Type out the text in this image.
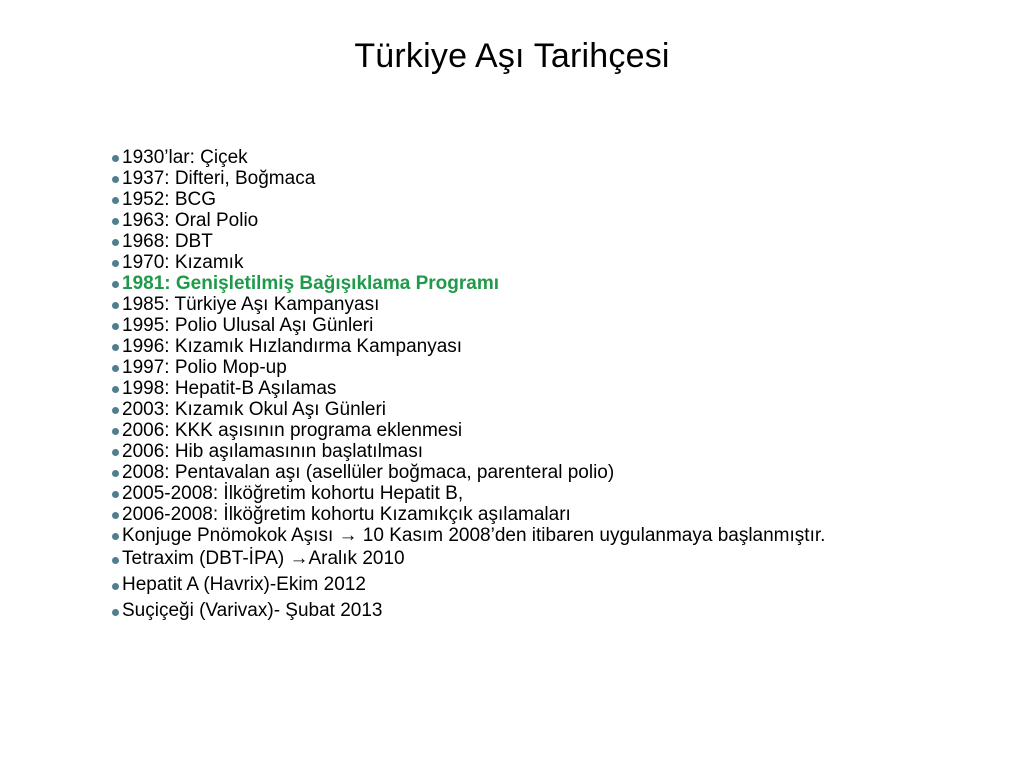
Türkiye Aşı Tarihçesi
1930’lar: Çiçek
1937: Difteri, Boğmaca
1952: BCG
1963: Oral Polio
1968: DBT
1970: Kızamık
1981: Genişletilmiş Bağışıklama Programı
1985: Türkiye Aşı Kampanyası
1995: Polio Ulusal Aşı Günleri
1996: Kızamık Hızlandırma Kampanyası
1997: Polio Mop-up
1998: Hepatit-B Aşılamas
2003: Kızamık Okul Aşı Günleri
2006: KKK aşısının programa eklenmesi
2006: Hib aşılamasının başlatılması
2008: Pentavalan aşı (asellüler boğmaca, parenteral polio)
2005-2008: İlköğretim kohortu Hepatit B,
2006-2008: İlköğretim kohortu Kızamıkçık aşılamaları
Konjuge Pnömokok Aşısı → 10 Kasım 2008’den itibaren uygulanmaya başlanmıştır.
Tetraxim (DBT-İPA) →Aralık 2010
Hepatit A (Havrix)-Ekim 2012
Suçiçeği (Varivax)- Şubat 2013
